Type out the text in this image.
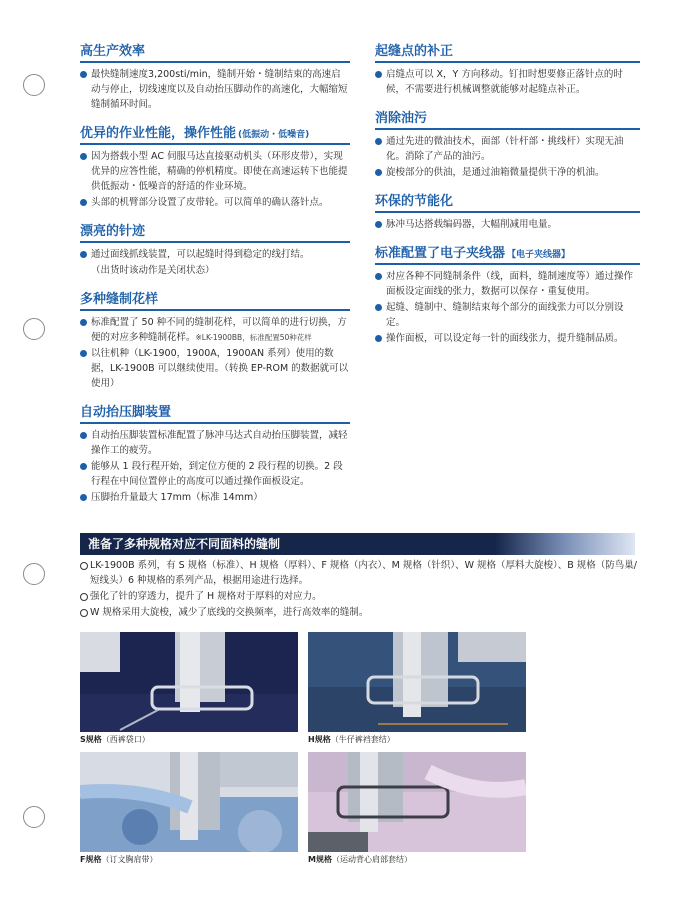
高生产效率
最快缝制速度3,200sti/min，缝制开始・缝制结束的高速启动与停止，切线速度以及自动抬压脚动作的高速化，大幅缩短缝制循环时间。
优异的作业性能，操作性能 (低振动・低噪音)
因为搭载小型 AC 伺服马达直接驱动机头（环形皮带），实现优异的应答性能，精确的停机精度。即使在高速运转下也能提供低振动・低噪音的舒适的作业环境。
头部的机臂部分设置了皮带轮。可以简单的确认落针点。
漂亮的针迹
通过面线抓线装置，可以起缝时得到稳定的线打结。
（出货时该动作是关闭状态）
多种缝制花样
标准配置了 50 种不同的缝制花样，可以简单的进行切换，方便的对应多种缝制花样。※LK-1900BB，标准配置50种花样
以往机种（LK-1900，1900A，1900AN 系列）使用的数据，LK-1900B 可以继续使用。（转换 EP-ROM 的数据就可以使用）
自动抬压脚装置
自动抬压脚装置标准配置了脉冲马达式自动抬压脚装置，减轻操作工的疲劳。
能够从 1 段行程开始，到定位方便的 2 段行程的切换。2 段行程在中间位置停止的高度可以通过操作面板设定。
压脚抬升量最大 17mm（标准 14mm）
起缝点的补正
启缝点可以 X，Y 方向移动。钉扣时想要修正落针点的时候，不需要进行机械调整就能够对起缝点补正。
消除油污
通过先进的微油技术，面部（针杆部・挑线杆）实现无油化。消除了产品的油污。
旋梭部分的供油，是通过油箱微量提供干净的机油。
环保的节能化
脉冲马达搭载编码器，大幅削减用电量。
标准配置了电子夹线器 【电子夹线器】
对应各种不同缝制条件（线，面料，缝制速度等）通过操作面板设定面线的张力，数据可以保存・重复使用。
起缝、缝制中、缝制结束每个部分的面线张力可以分别设定。
操作面板，可以设定每一针的面线张力，提升缝制品质。
准备了多种规格对应不同面料的缝制
LK-1900B 系列，有 S 规格（标准）、H 规格（厚料）、F 规格（内衣）、M 规格（针织）、W 规格（厚料大旋梭）、B 规格（防鸟巢/短线头）6 种规格的系列产品，根据用途进行选择。
强化了针的穿透力，提升了 H 规格对于厚料的对应力。
W 规格采用大旋梭，减少了底线的交换频率，进行高效率的缝制。
S规格（西裤袋口）	H规格（牛仔裤裆套结）
F规格（订文胸肩带）	M规格（运动背心肩部套结）
